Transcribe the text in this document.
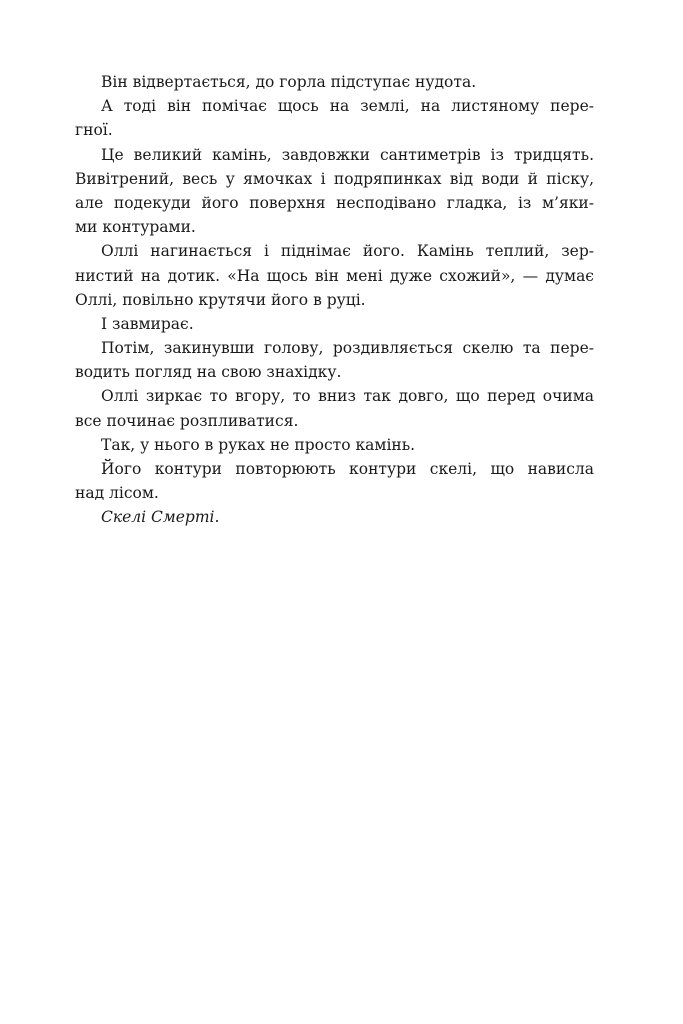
Він відвертається, до горла підступає нудота.
А тоді він помічає щось на землі, на листяному пере-
гної.
Це великий камінь, завдовжки сантиметрів із тридцять.
Вивітрений, весь у ямочках і подряпинках від води й піску,
але подекуди його поверхня несподівано гладка, із м’яки-
ми контурами.
Оллі нагинається і піднімає його. Камінь теплий, зер-
нистий на дотик. «На щось він мені дуже схожий», — думає
Оллі, повільно крутячи його в руці.
І завмирає.
Потім, закинувши голову, роздивляється скелю та пере-
водить погляд на свою знахідку.
Оллі зиркає то вгору, то вниз так довго, що перед очима
все починає розпливатися.
Так, у нього в руках не просто камінь.
Його контури повторюють контури скелі, що нависла
над лісом.
Скелі Смерті.
